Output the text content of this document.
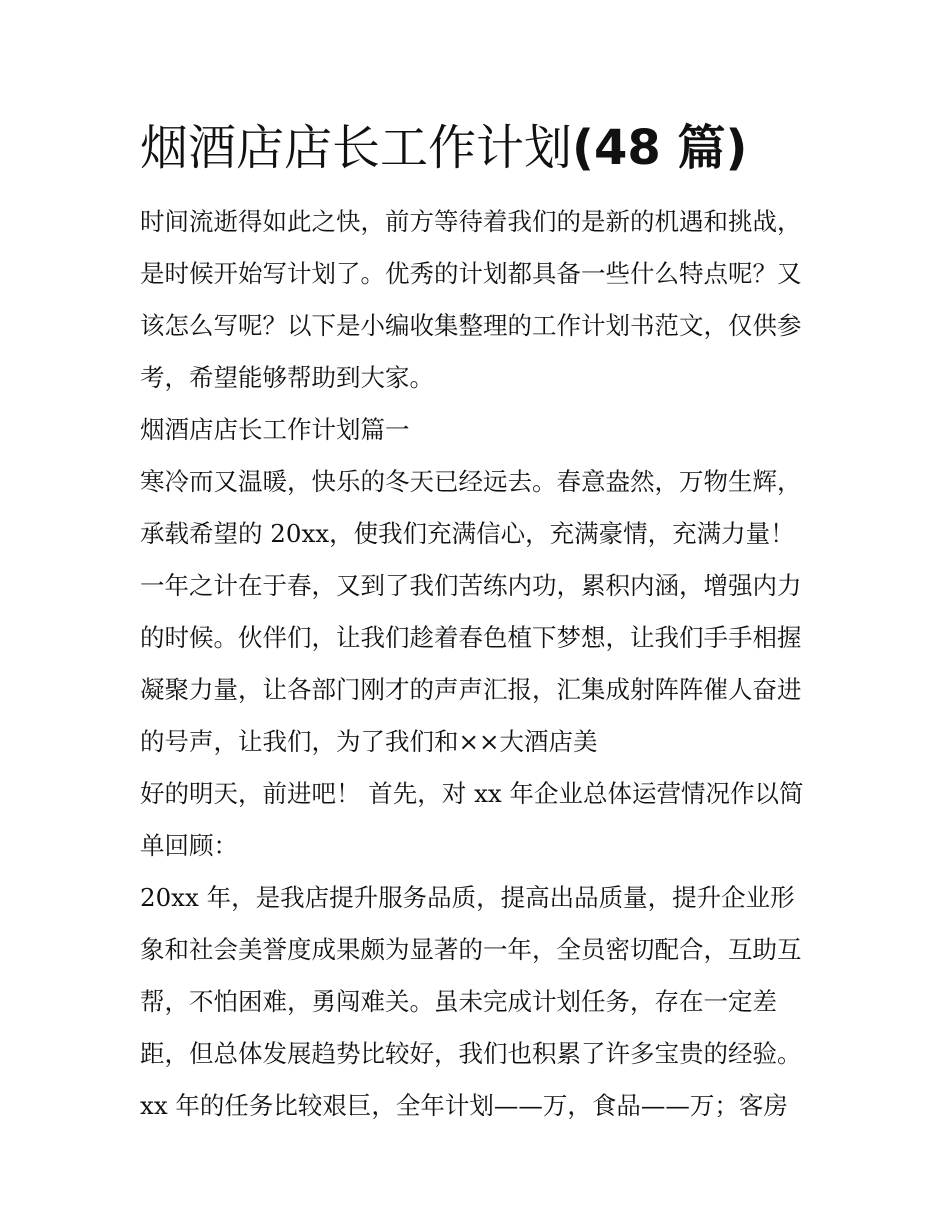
烟酒店店长工作计划(48 篇)
时间流逝得如此之快，前方等待着我们的是新的机遇和挑战，
是时候开始写计划了。优秀的计划都具备一些什么特点呢？又
该怎么写呢？以下是小编收集整理的工作计划书范文，仅供参
考，希望能够帮助到大家。
烟酒店店长工作计划篇一
寒冷而又温暖，快乐的冬天已经远去。春意盎然，万物生辉，
承载希望的 20xx，使我们充满信心，充满豪情，充满力量！
一年之计在于春，又到了我们苦练内功，累积内涵，增强内力
的时候。伙伴们，让我们趁着春色植下梦想，让我们手手相握
凝聚力量，让各部门刚才的声声汇报，汇集成射阵阵催人奋进
的号声，让我们，为了我们和××大酒店美
好的明天，前进吧！ 首先，对 xx 年企业总体运营情况作以简
单回顾：
20xx 年，是我店提升服务品质，提高出品质量，提升企业形
象和社会美誉度成果颇为显著的一年，全员密切配合，互助互
帮，不怕困难，勇闯难关。虽未完成计划任务，存在一定差
距，但总体发展趋势比较好，我们也积累了许多宝贵的经验。
xx 年的任务比较艰巨，全年计划——万，食品——万；客房
